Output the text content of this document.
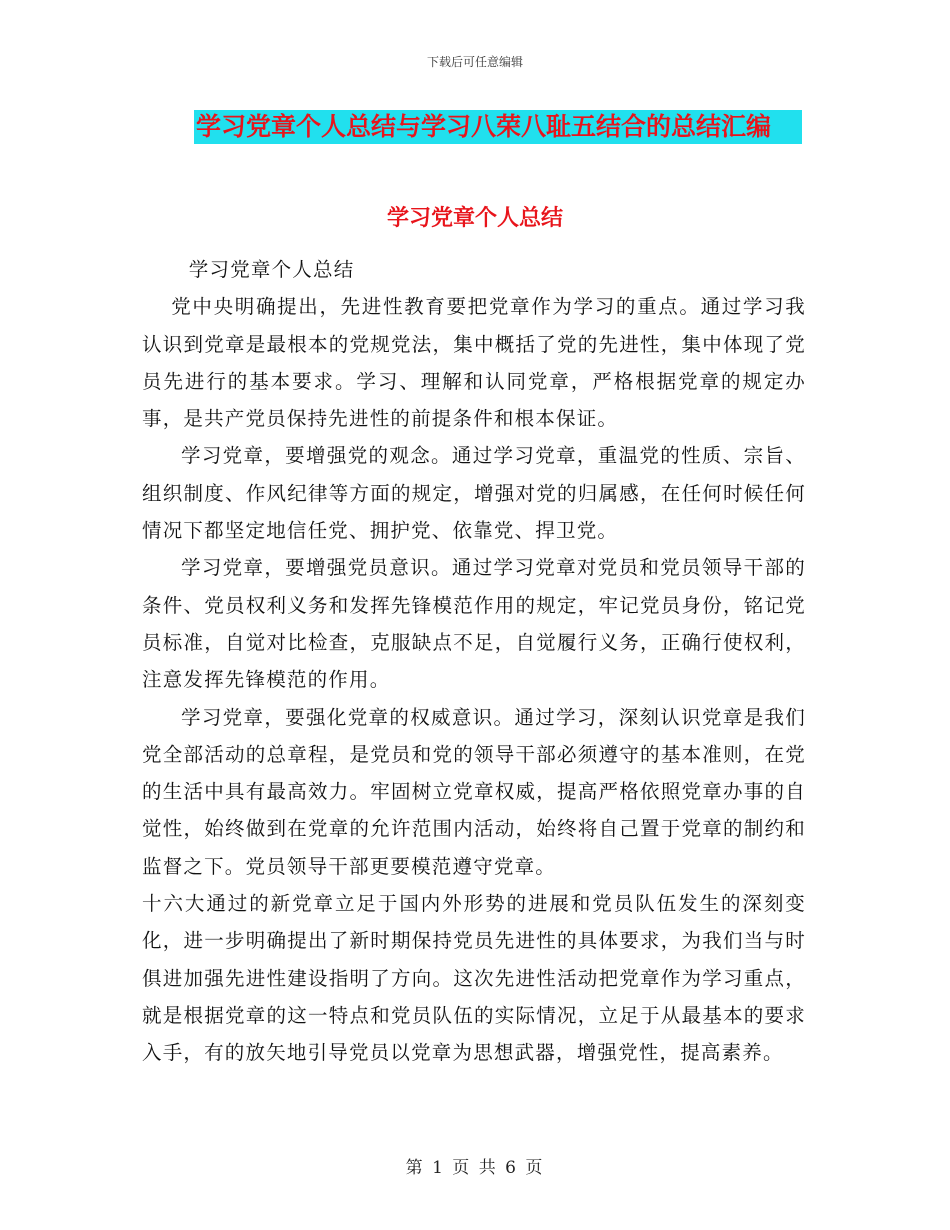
下载后可任意编辑
学习党章个人总结与学习八荣八耻五结合的总结汇编
学习党章个人总结

学习党章个人总结

党中央明确提出，先进性教育要把党章作为学习的重点。通过学习我认识到党章是最根本的党规党法，集中概括了党的先进性，集中体现了党员先进行的基本要求。学习、理解和认同党章，严格根据党章的规定办事，是共产党员保持先进性的前提条件和根本保证。

学习党章，要增强党的观念。通过学习党章，重温党的性质、宗旨、组织制度、作风纪律等方面的规定，增强对党的归属感，在任何时候任何情况下都坚定地信任党、拥护党、依靠党、捍卫党。

学习党章，要增强党员意识。通过学习党章对党员和党员领导干部的条件、党员权利义务和发挥先锋模范作用的规定，牢记党员身份，铭记党员标准，自觉对比检查，克服缺点不足，自觉履行义务，正确行使权利，注意发挥先锋模范的作用。

学习党章，要强化党章的权威意识。通过学习，深刻认识党章是我们党全部活动的总章程，是党员和党的领导干部必须遵守的基本准则，在党的生活中具有最高效力。牢固树立党章权威，提高严格依照党章办事的自觉性，始终做到在党章的允许范围内活动，始终将自己置于党章的制约和监督之下。党员领导干部更要模范遵守党章。

十六大通过的新党章立足于国内外形势的进展和党员队伍发生的深刻变化，进一步明确提出了新时期保持党员先进性的具体要求，为我们当与时俱进加强先进性建设指明了方向。这次先进性活动把党章作为学习重点，就是根据党章的这一特点和党员队伍的实际情况，立足于从最基本的要求入手，有的放矢地引导党员以党章为思想武器，增强党性，提高素养。

第 1 页 共 6 页
